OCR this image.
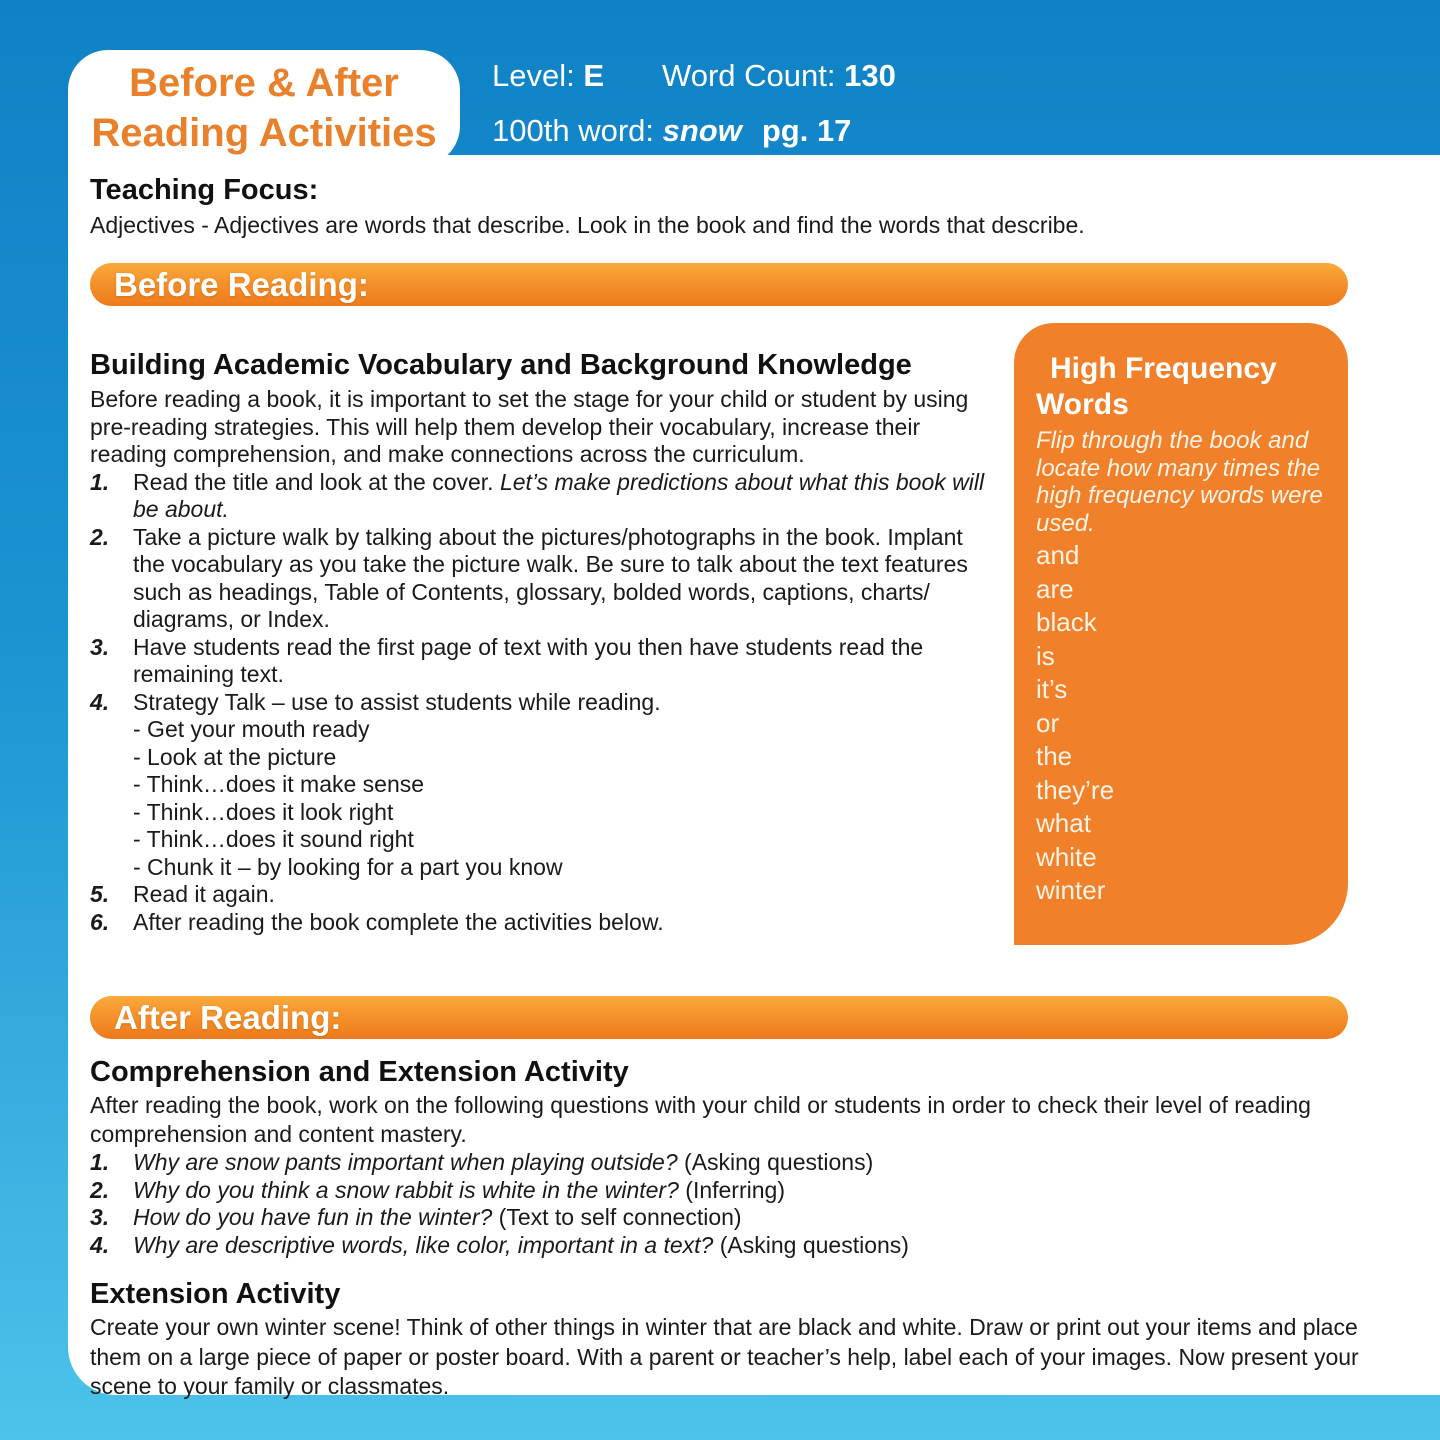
Before & After
Reading Activities
Level: E Word Count: 130
100th word: snow pg. 17
Teaching Focus:

Adjectives - Adjectives are words that describe. Look in the book and find the words that describe.

Before Reading:
Building Academic Vocabulary and Background Knowledge

Before reading a book, it is important to set the stage for your child or student by using pre-reading strategies. This will help them develop their vocabulary, increase their reading comprehension, and make connections across the curriculum.

1.	Read the title and look at the cover. Let’s make predictions about what this book will be about.
2.	Take a picture walk by talking about the pictures/photographs in the book. Implant the vocabulary as you take the picture walk. Be sure to talk about the text features such as headings, Table of Contents, glossary, bolded words, captions, charts/ diagrams, or Index.
3.	Have students read the first page of text with you then have students read the remaining text.
4.	Strategy Talk – use to assist students while reading.
- Get your mouth ready
- Look at the picture
- Think…does it make sense
- Think…does it look right
- Think…does it sound right
- Chunk it – by looking for a part you know
5.	Read it again.
6.	After reading the book complete the activities below.
High Frequency
Words

Flip through the book and locate how many times the high frequency words were used.

and
are
black
is
it’s
or
the
they’re
what
white
winter
After Reading:
Comprehension and Extension Activity

After reading the book, work on the following questions with your child or students in order to check their level of reading comprehension and content mastery.

1.	Why are snow pants important when playing outside? (Asking questions)
2.	Why do you think a snow rabbit is white in the winter? (Inferring)
3.	How do you have fun in the winter? (Text to self connection)
4.	Why are descriptive words, like color, important in a text? (Asking questions)
Extension Activity

Create your own winter scene! Think of other things in winter that are black and white. Draw or print out your items and place them on a large piece of paper or poster board. With a parent or teacher’s help, label each of your images. Now present your scene to your family or classmates.
